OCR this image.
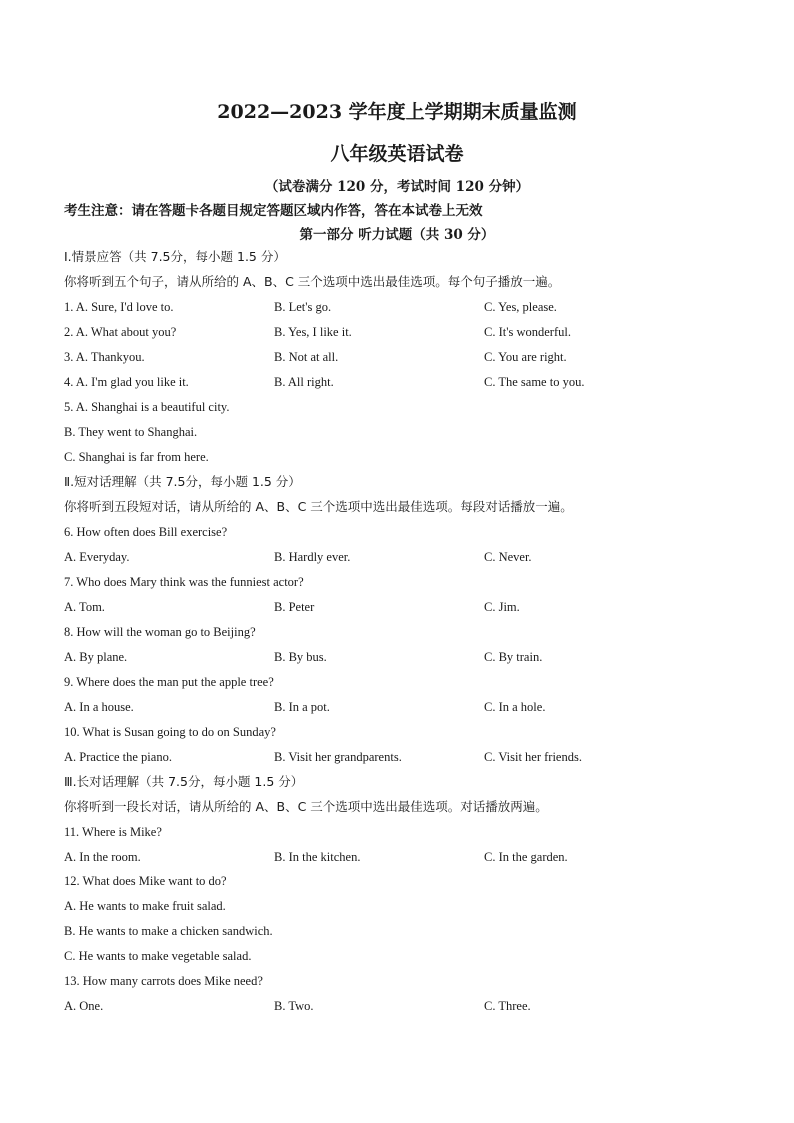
2022—2023 学年度上学期期末质量监测
八年级英语试卷
（试卷满分 120 分，考试时间 120 分钟）
考生注意：请在答题卡各题目规定答题区域内作答，答在本试卷上无效
第一部分 听力试题（共 30 分）
Ⅰ.情景应答（共 7.5分，每小题 1.5 分）
你将听到五个句子，请从所给的 A、B、C 三个选项中选出最佳选项。每个句子播放一遍。
1. A. Sure, I'd love to.	B. Let's go.	C. Yes, please.
2. A. What about you?	B. Yes, I like it.	C. It's wonderful.
3. A. Thankyou.	B. Not at all.	C. You are right.
4. A. I'm glad you like it.	B. All right.	C. The same to you.
5. A. Shanghai is a beautiful city.
B. They went to Shanghai.
C. Shanghai is far from here.
Ⅱ.短对话理解（共 7.5分，每小题 1.5 分）
你将听到五段短对话，请从所给的 A、B、C 三个选项中选出最佳选项。每段对话播放一遍。
6. How often does Bill exercise?
A. Everyday.	B. Hardly ever.	C. Never.
7. Who does Mary think was the funniest actor?
A. Tom.	B. Peter	C. Jim.
8. How will the woman go to Beijing?
A. By plane.	B. By bus.	C. By train.
9. Where does the man put the apple tree?
A. In a house.	B. In a pot.	C. In a hole.
10. What is Susan going to do on Sunday?
A. Practice the piano.	B. Visit her grandparents.	C. Visit her friends.
Ⅲ.长对话理解（共 7.5分，每小题 1.5 分）
你将听到一段长对话，请从所给的 A、B、C 三个选项中选出最佳选项。对话播放两遍。
11. Where is Mike?
A. In the room.	B. In the kitchen.	C. In the garden.
12. What does Mike want to do?
A. He wants to make fruit salad.
B. He wants to make a chicken sandwich.
C. He wants to make vegetable salad.
13. How many carrots does Mike need?
A. One.	B. Two.	C. Three.
